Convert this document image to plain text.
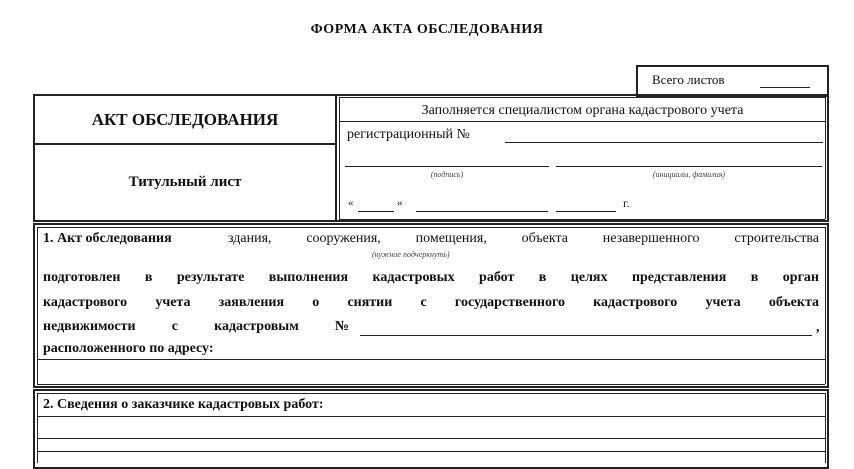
ФОРМА АКТА ОБСЛЕДОВАНИЯ
Всего листов
АКТ ОБСЛЕДОВАНИЯ
Титульный лист
Заполняется специалистом органа кадастрового учета
регистрационный №
(подпись)	(инициалы, фамилия)
«	»	г.
1. Акт обследования	здания, сооружения, помещения, объекта незавершенного строительства
(нужное подчеркнуть)
подготовлен в результате выполнения кадастровых работ в целях представления в орган
кадастрового учета заявления о снятии с государственного кадастрового учета объекта
недвижимости с кадастровым №	,
расположенного по адресу:
2. Сведения о заказчике кадастровых работ:
